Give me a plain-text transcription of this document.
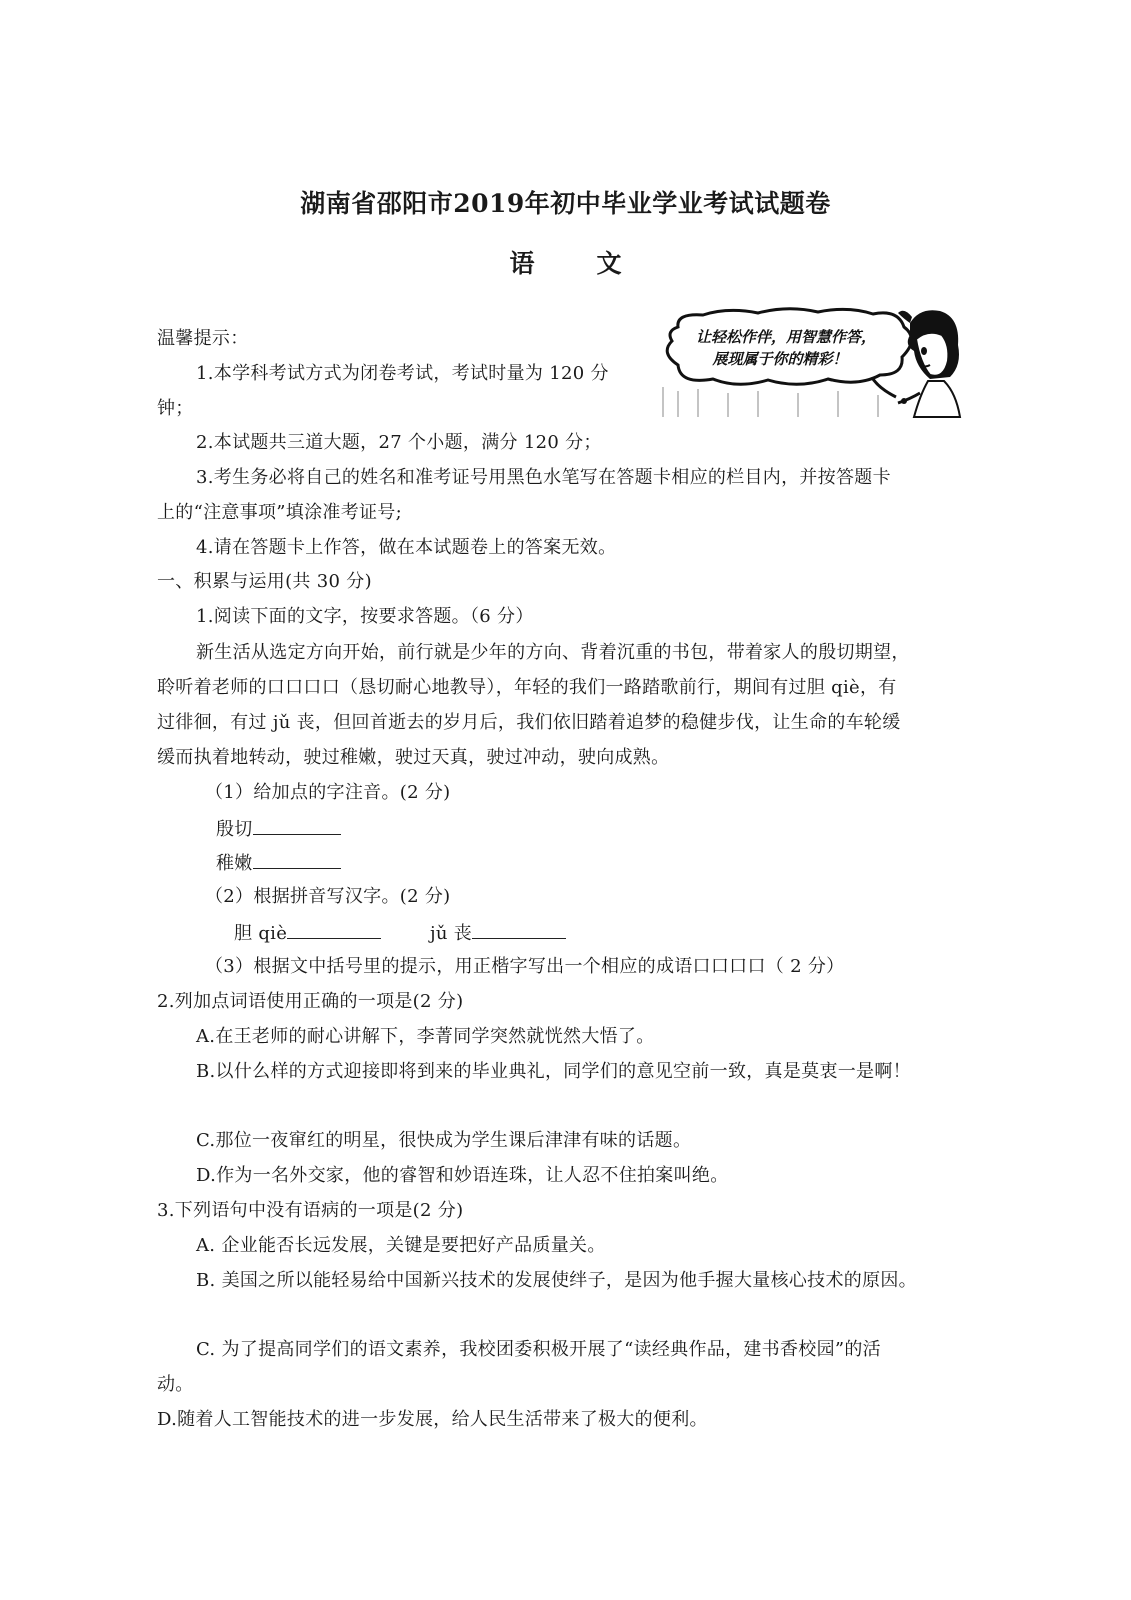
湖南省邵阳市2019年初中毕业学业考试试题卷
语 文
让轻松作伴，用智慧作答，
展现属于你的精彩！
温馨提示：
1.本学科考试方式为闭卷考试，考试时量为 120 分
钟；
2.本试题共三道大题，27 个小题，满分 120 分；
3.考生务必将自己的姓名和准考证号用黑色水笔写在答题卡相应的栏目内，并按答题卡
上的“注意事项”填涂准考证号;
4.请在答题卡上作答，做在本试题卷上的答案无效。
一、积累与运用(共 30 分)
1.阅读下面的文字，按要求答题。（6 分）
新生活从选定方向开始，前行就是少年的方向、背着沉重的书包，带着家人的殷切期望，
聆听着老师的口口口口（恳切耐心地教导），年轻的我们一路踏歌前行，期间有过胆 qiè，有
过徘徊，有过 jǔ 丧，但回首逝去的岁月后，我们依旧踏着追梦的稳健步伐，让生命的车轮缓
缓而执着地转动，驶过稚嫩，驶过天真，驶过冲动，驶向成熟。
（1）给加点的字注音。(2 分)
殷切
稚嫩
（2）根据拼音写汉字。(2 分)
胆 qiè	jǔ 丧
（3）根据文中括号里的提示，用正楷字写出一个相应的成语口口口口（ 2 分）
2.列加点词语使用正确的一项是(2 分)
A.在王老师的耐心讲解下，李菁同学突然就恍然大悟了。
B.以什么样的方式迎接即将到来的毕业典礼，同学们的意见空前一致，真是莫衷一是啊！
C.那位一夜窜红的明星，很快成为学生课后津津有味的话题。
D.作为一名外交家，他的睿智和妙语连珠，让人忍不住拍案叫绝。
3.下列语句中没有语病的一项是(2 分)
A. 企业能否长远发展，关键是要把好产品质量关。
B. 美国之所以能轻易给中国新兴技术的发展使绊子，是因为他手握大量核心技术的原因。
C. 为了提高同学们的语文素养，我校团委积极开展了“读经典作品，建书香校园”的活
动。
D.随着人工智能技术的进一步发展，给人民生活带来了极大的便利。
